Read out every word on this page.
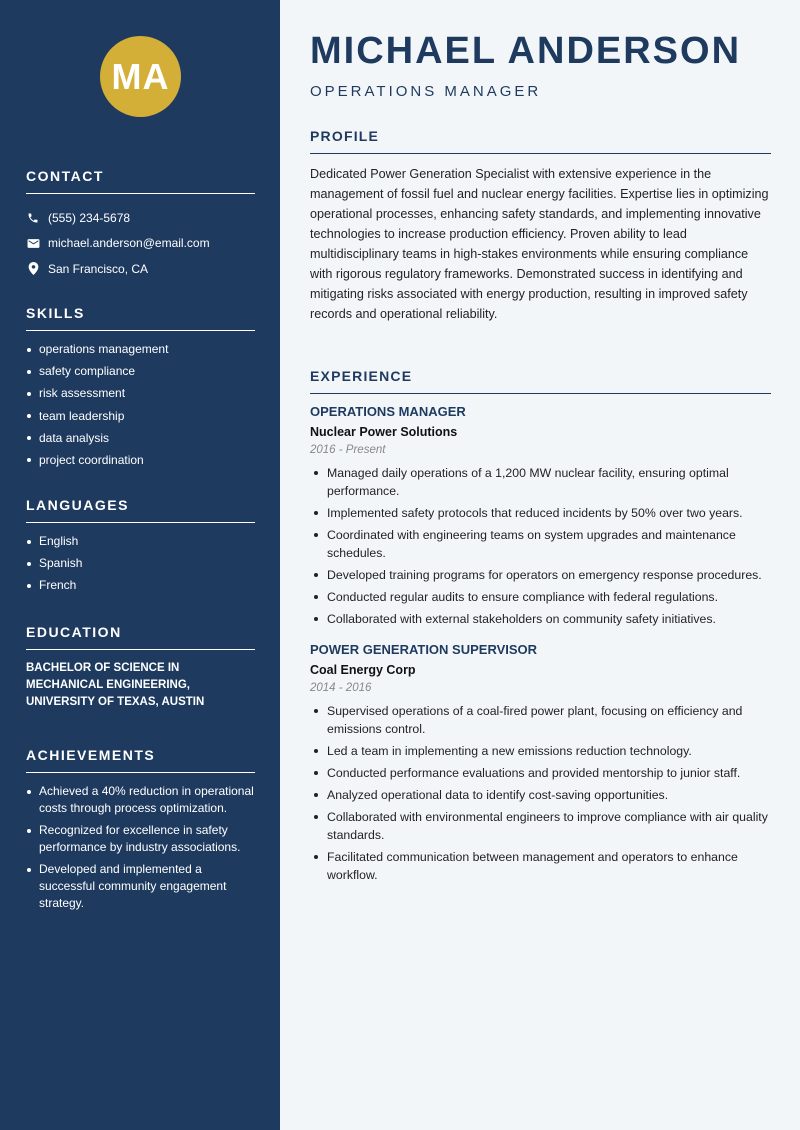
MA
CONTACT
(555) 234-5678
michael.anderson@email.com
San Francisco, CA
SKILLS
operations management
safety compliance
risk assessment
team leadership
data analysis
project coordination
LANGUAGES
English
Spanish
French
EDUCATION
BACHELOR OF SCIENCE IN MECHANICAL ENGINEERING, UNIVERSITY OF TEXAS, AUSTIN
ACHIEVEMENTS
Achieved a 40% reduction in operational costs through process optimization.
Recognized for excellence in safety performance by industry associations.
Developed and implemented a successful community engagement strategy.
MICHAEL ANDERSON
OPERATIONS MANAGER
PROFILE

Dedicated Power Generation Specialist with extensive experience in the management of fossil fuel and nuclear energy facilities. Expertise lies in optimizing operational processes, enhancing safety standards, and implementing innovative technologies to increase production efficiency. Proven ability to lead multidisciplinary teams in high-stakes environments while ensuring compliance with rigorous regulatory frameworks. Demonstrated success in identifying and mitigating risks associated with energy production, resulting in improved safety records and operational reliability.

EXPERIENCE
OPERATIONS MANAGER
Nuclear Power Solutions
2016 - Present
Managed daily operations of a 1,200 MW nuclear facility, ensuring optimal performance.
Implemented safety protocols that reduced incidents by 50% over two years.
Coordinated with engineering teams on system upgrades and maintenance schedules.
Developed training programs for operators on emergency response procedures.
Conducted regular audits to ensure compliance with federal regulations.
Collaborated with external stakeholders on community safety initiatives.
POWER GENERATION SUPERVISOR
Coal Energy Corp
2014 - 2016
Supervised operations of a coal-fired power plant, focusing on efficiency and emissions control.
Led a team in implementing a new emissions reduction technology.
Conducted performance evaluations and provided mentorship to junior staff.
Analyzed operational data to identify cost-saving opportunities.
Collaborated with environmental engineers to improve compliance with air quality standards.
Facilitated communication between management and operators to enhance workflow.
